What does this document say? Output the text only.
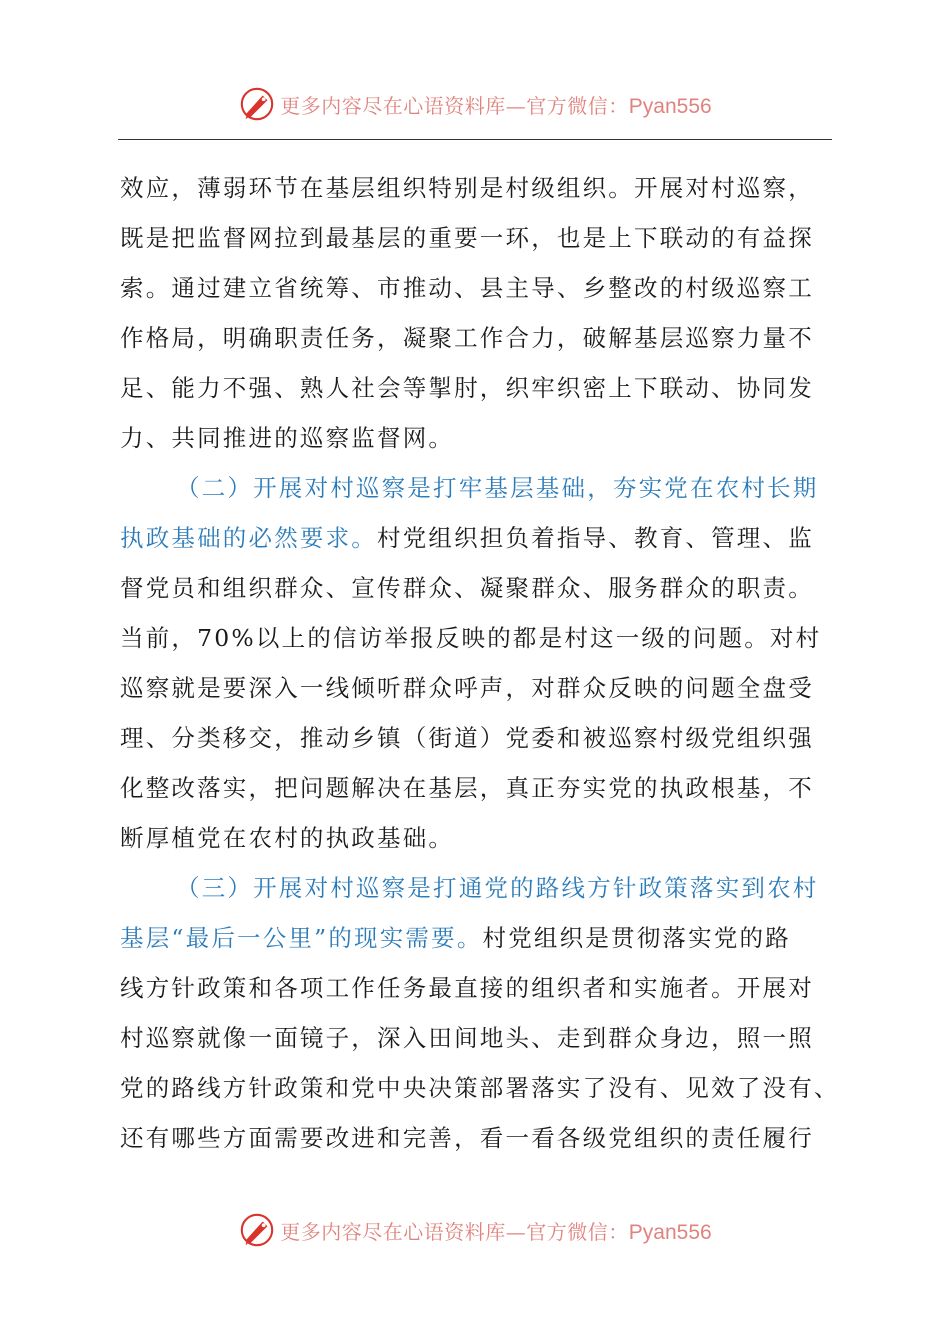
更多内容尽在心语资料库—官方微信：Pyan556
效应，薄弱环节在基层组织特别是村级组织。开展对村巡察，
既是把监督网拉到最基层的重要一环，也是上下联动的有益探
索。通过建立省统筹、市推动、县主导、乡整改的村级巡察工
作格局，明确职责任务，凝聚工作合力，破解基层巡察力量不
足、能力不强、熟人社会等掣肘，织牢织密上下联动、协同发
力、共同推进的巡察监督网。
（二）开展对村巡察是打牢基层基础，夯实党在农村长期
执政基础的必然要求。村党组织担负着指导、教育、管理、监
督党员和组织群众、宣传群众、凝聚群众、服务群众的职责。
当前，70%以上的信访举报反映的都是村这一级的问题。对村
巡察就是要深入一线倾听群众呼声，对群众反映的问题全盘受
理、分类移交，推动乡镇（街道）党委和被巡察村级党组织强
化整改落实，把问题解决在基层，真正夯实党的执政根基，不
断厚植党在农村的执政基础。
（三）开展对村巡察是打通党的路线方针政策落实到农村
基层“最后一公里”的现实需要。村党组织是贯彻落实党的路
线方针政策和各项工作任务最直接的组织者和实施者。开展对
村巡察就像一面镜子，深入田间地头、走到群众身边，照一照
党的路线方针政策和党中央决策部署落实了没有、见效了没有、
还有哪些方面需要改进和完善，看一看各级党组织的责任履行
更多内容尽在心语资料库—官方微信：Pyan556
